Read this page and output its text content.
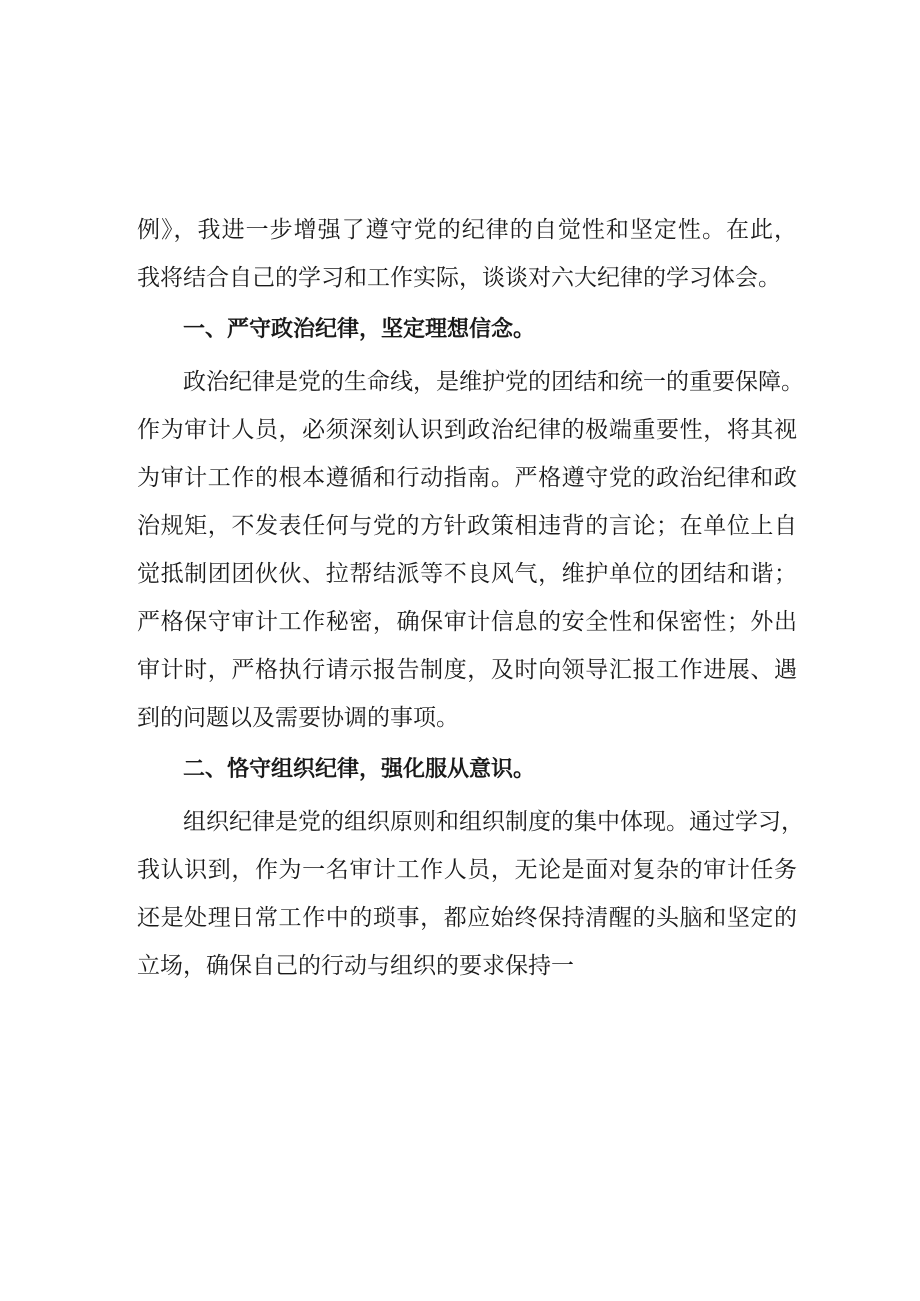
例》，我进一步增强了遵守党的纪律的自觉性和坚定性。在此，

我将结合自己的学习和工作实际，谈谈对六大纪律的学习体会。

一、严守政治纪律，坚定理想信念。

政治纪律是党的生命线，是维护党的团结和统一的重要保障。

作为审计人员，必须深刻认识到政治纪律的极端重要性，将其视

为审计工作的根本遵循和行动指南。严格遵守党的政治纪律和政

治规矩，不发表任何与党的方针政策相违背的言论；在单位上自

觉抵制团团伙伙、拉帮结派等不良风气，维护单位的团结和谐；

严格保守审计工作秘密，确保审计信息的安全性和保密性；外出

审计时，严格执行请示报告制度，及时向领导汇报工作进展、遇

到的问题以及需要协调的事项。

二、恪守组织纪律，强化服从意识。

组织纪律是党的组织原则和组织制度的集中体现。通过学习，

我认识到，作为一名审计工作人员，无论是面对复杂的审计任务

还是处理日常工作中的琐事，都应始终保持清醒的头脑和坚定的

立场，确保自己的行动与组织的要求保持一
